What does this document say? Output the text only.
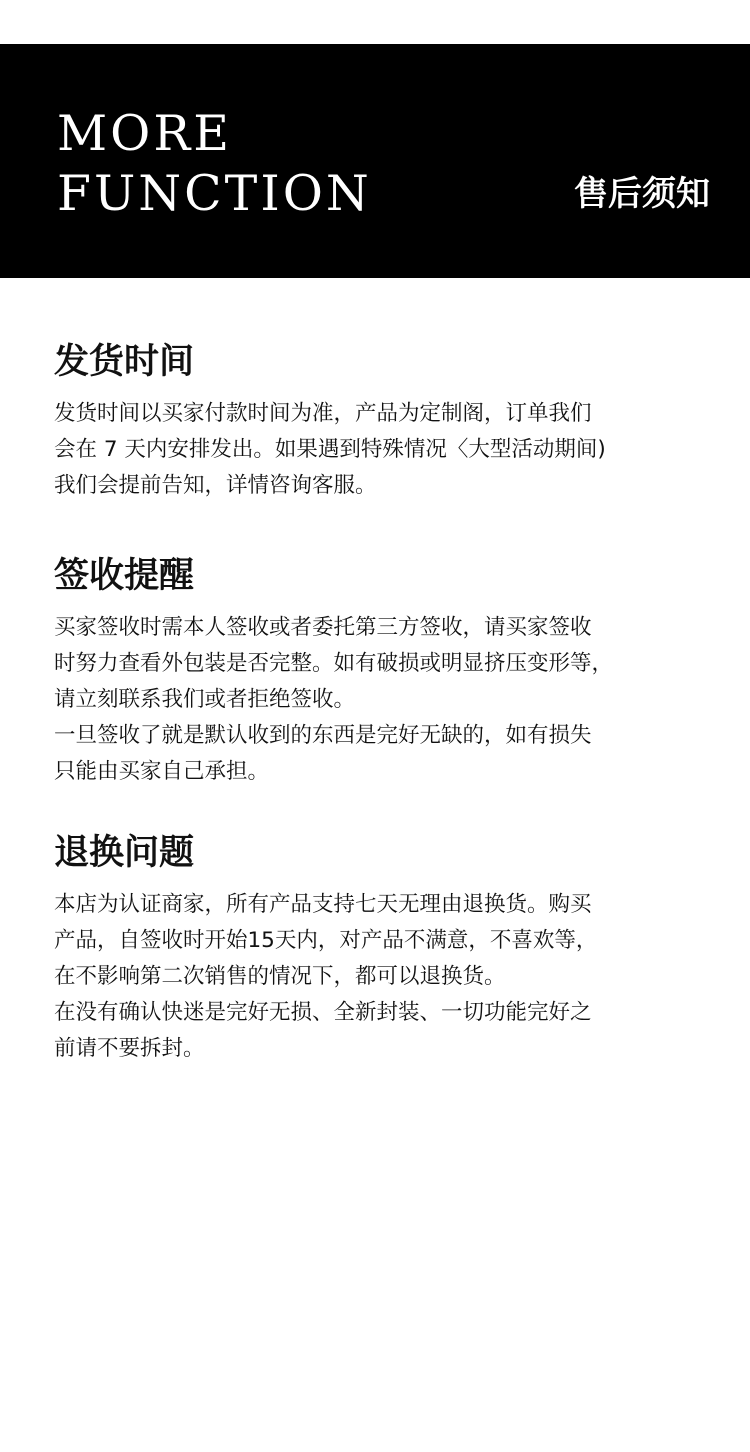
MORE
FUNCTION	售后须知
发货时间

发货时间以买家付款时间为准，产品为定制阁，订单我们

会在 7 天内安排发出。如果遇到特殊情况〈大型活动期间)

我们会提前告知，详情咨询客服。

签收提醒

买家签收时需本人签收或者委托第三方签收，请买家签收

时努力查看外包装是否完整。如有破损或明显挤压变形等，

请立刻联系我们或者拒绝签收。

一旦签收了就是默认收到的东西是完好无缺的，如有损失

只能由买家自己承担。

退换问题

本店为认证商家，所有产品支持七天无理由退换货。购买

产品，自签收时开始15天内，对产品不满意，不喜欢等，

在不影响第二次销售的情况下，都可以退换货。

在没有确认快迷是完好无损、全新封装、一切功能完好之

前请不要拆封。
